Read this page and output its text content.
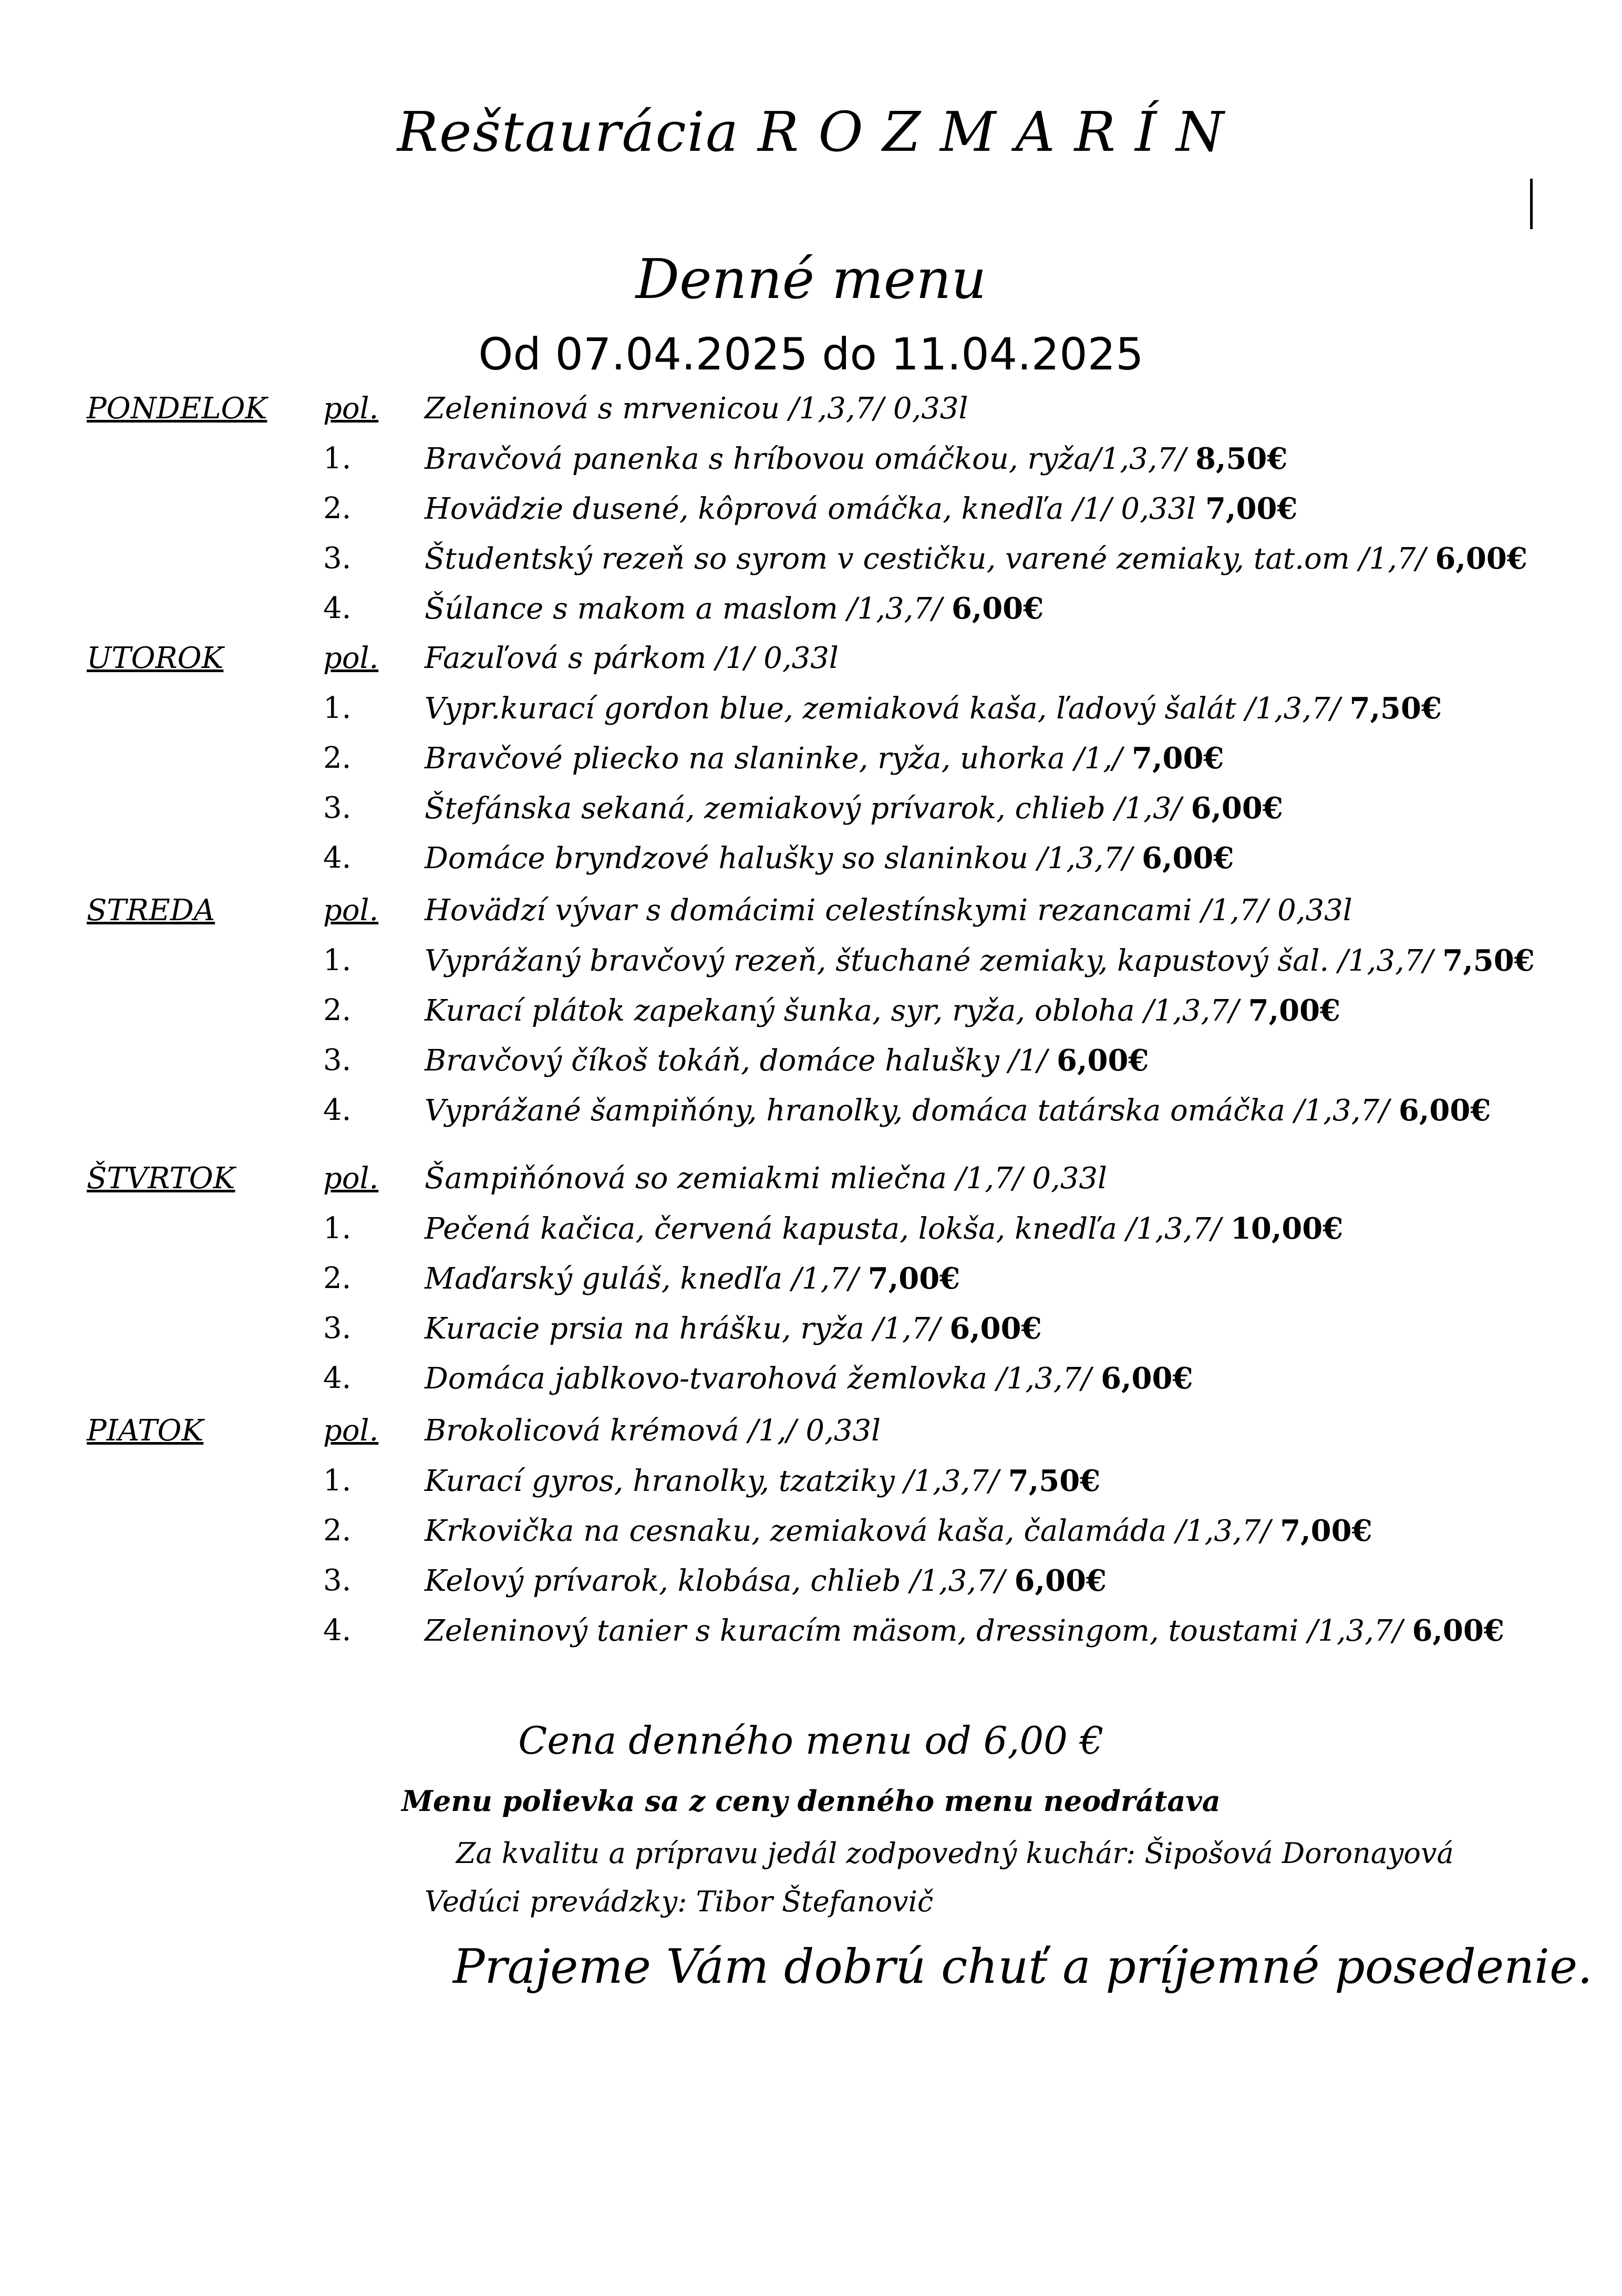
Reštaurácia R O Z M A R Í N
Denné menu
Od 07.04.2025 do 11.04.2025
PONDELOK pol. Zeleninová s mrvenicou /1,3,7/ 0,33l
1. Bravčová panenka s hríbovou omáčkou, ryža/1,3,7/ 8,50€
2. Hovädzie dusené, kôprová omáčka, knedľa /1/ 0,33l 7,00€
3. Študentský rezeň so syrom v cestičku, varené zemiaky, tat.om /1,7/ 6,00€
4. Šúlance s makom a maslom /1,3,7/ 6,00€
UTOROK	pol. Fazuľová s párkom /1/ 0,33l
1. Vypr.kurací gordon blue, zemiaková kaša, ľadový šalát /1,3,7/ 7,50€
2. Bravčové pliecko na slaninke, ryža, uhorka /1,/ 7,00€
3. Štefánska sekaná, zemiakový prívarok, chlieb /1,3/ 6,00€
4. Domáce bryndzové halušky so slaninkou /1,3,7/ 6,00€
STREDA	pol. Hovädzí vývar s domácimi celestínskymi rezancami /1,7/ 0,33l
1. Vyprážaný bravčový rezeň, šťuchané zemiaky, kapustový šal. /1,3,7/ 7,50€
2. Kurací plátok zapekaný šunka, syr, ryža, obloha /1,3,7/ 7,00€
3. Bravčový číkoš tokáň, domáce halušky /1/ 6,00€
4. Vyprážané šampiňóny, hranolky, domáca tatárska omáčka /1,3,7/ 6,00€
ŠTVRTOK	pol. Šampiňónová so zemiakmi mliečna /1,7/ 0,33l
1. Pečená kačica, červená kapusta, lokša, knedľa /1,3,7/ 10,00€
2. Maďarský guláš, knedľa /1,7/ 7,00€
3. Kuracie prsia na hrášku, ryža /1,7/ 6,00€
4. Domáca jablkovo-tvarohová žemlovka /1,3,7/ 6,00€
PIATOK	pol. Brokolicová krémová /1,/ 0,33l
1. Kurací gyros, hranolky, tzatziky /1,3,7/ 7,50€
2. Krkovička na cesnaku, zemiaková kaša, čalamáda /1,3,7/ 7,00€
3. Kelový prívarok, klobása, chlieb /1,3,7/ 6,00€
4. Zeleninový tanier s kuracím mäsom, dressingom, toustami /1,3,7/ 6,00€
Cena denného menu od 6,00 €
Menu polievka sa z ceny denného menu neodrátava
Za kvalitu a prípravu jedál zodpovedný kuchár: Šipošová Doronayová
Vedúci prevádzky: Tibor Štefanovič
Prajeme Vám dobrú chuť a príjemné posedenie.
